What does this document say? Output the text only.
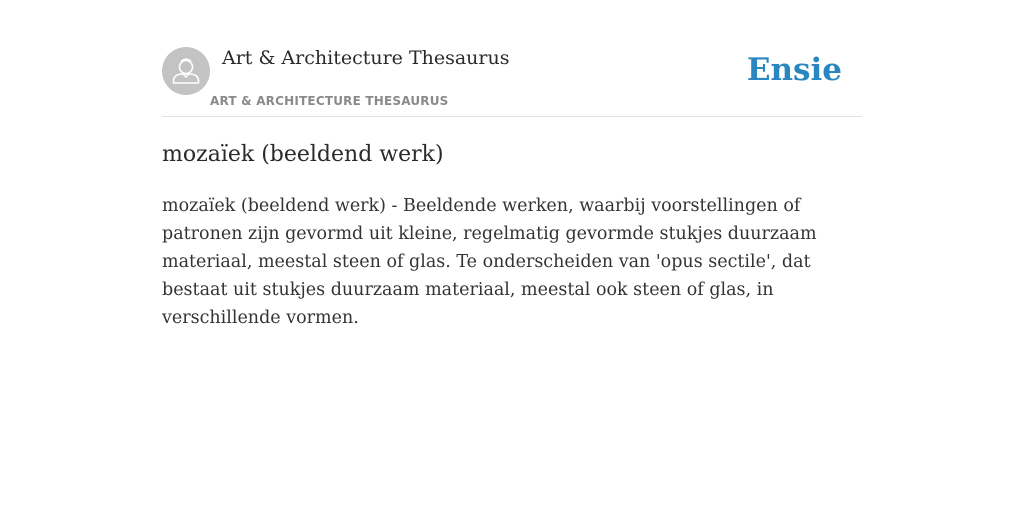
Art & Architecture Thesaurus
ART & ARCHITECTURE THESAURUS
Ensie
mozaïek (beeldend werk)

mozaïek (beeldend werk) - Beeldende werken, waarbij voorstellingen of patronen zijn gevormd uit kleine, regelmatig gevormde stukjes duurzaam materiaal, meestal steen of glas. Te onderscheiden van 'opus sectile', dat bestaat uit stukjes duurzaam materiaal, meestal ook steen of glas, in verschillende vormen.
